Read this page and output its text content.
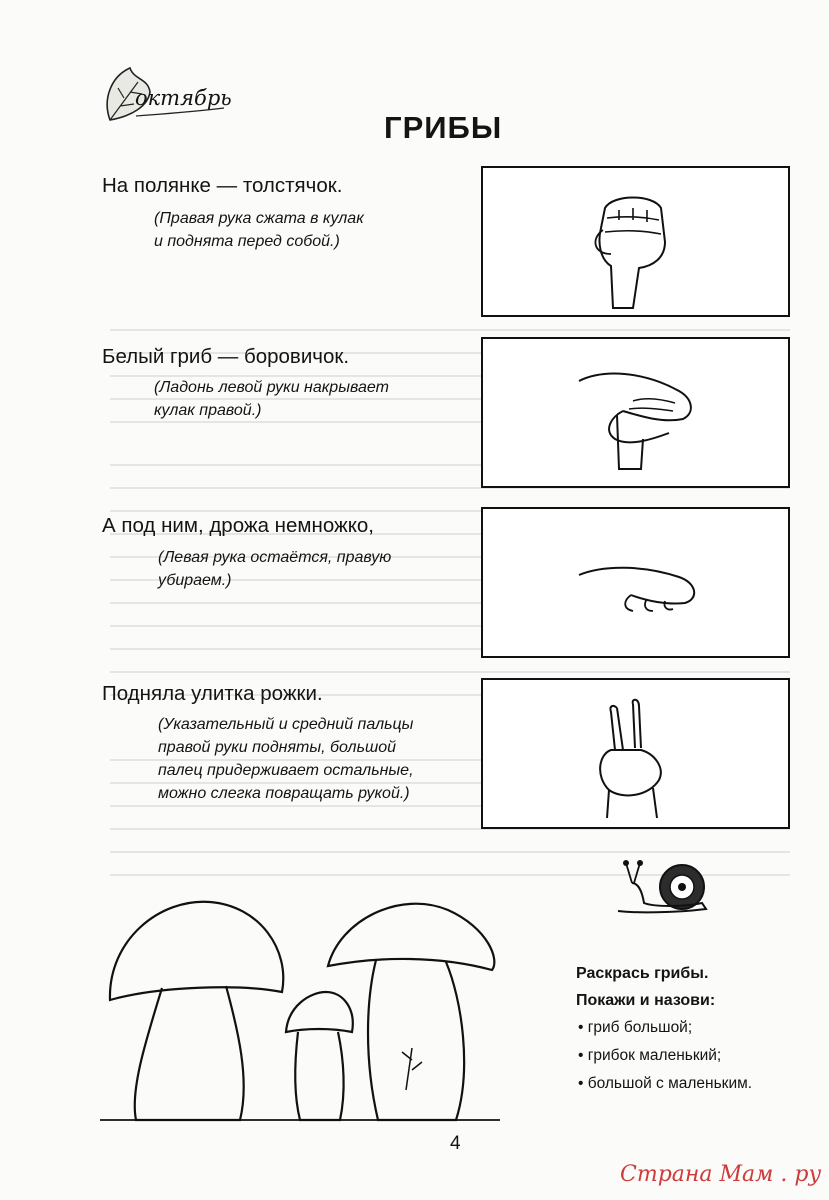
октябрь
ГРИБЫ
На полянке — толстячок.
(Правая рука сжата в кулак
и поднята перед собой.)
Белый гриб — боровичок.
(Ладонь левой руки накрывает
кулак правой.)
А под ним, дрожа немножко,
(Левая рука остаётся, правую
убираем.)
Подняла улитка рожки.
(Указательный и средний пальцы
правой руки подняты, большой
палец придерживает остальные,
можно слегка повращать рукой.)
Раскрась грибы.
Покажи и назови:
• гриб большой;
• грибок маленький;
• большой с маленьким.
4
Страна Мам . ру
